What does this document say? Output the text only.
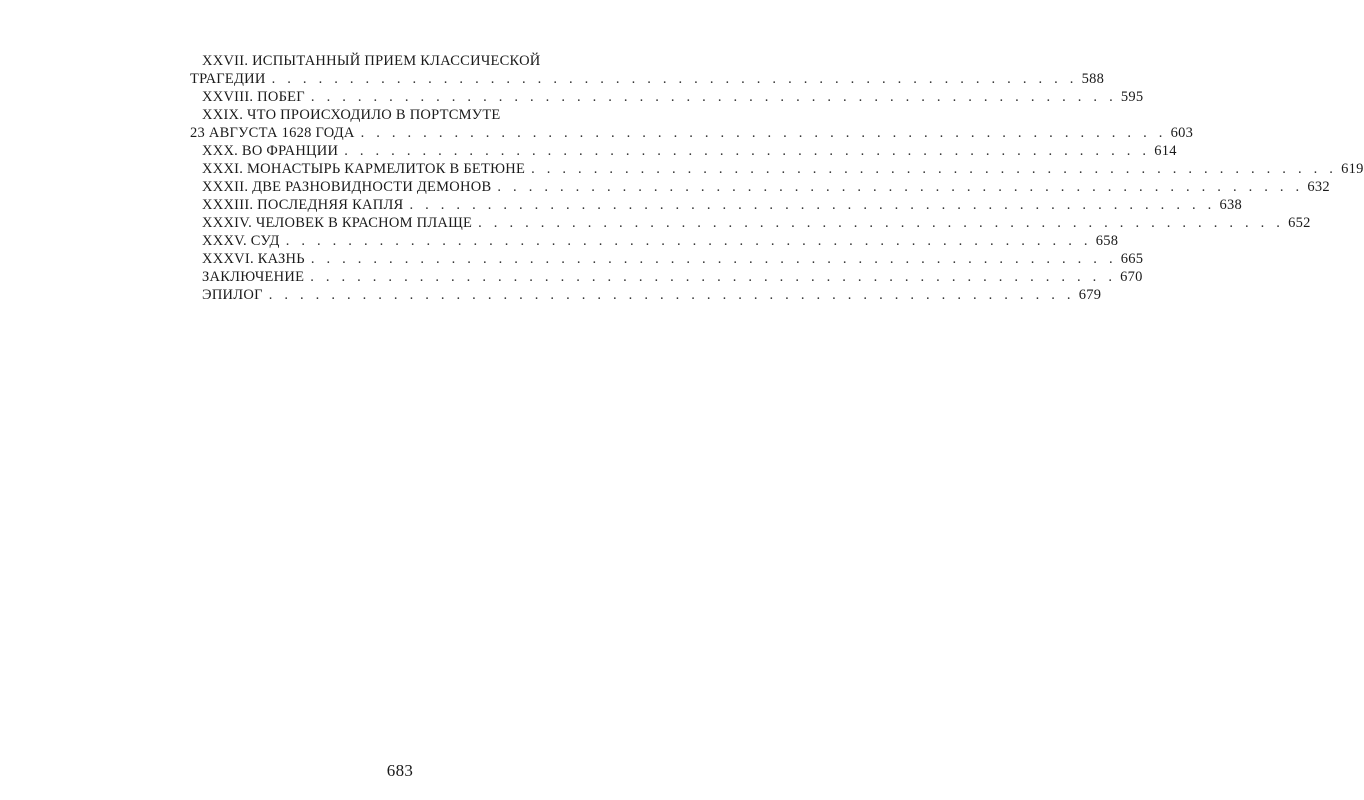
XXVII. ИСПЫТАННЫЙ ПРИЕМ КЛАССИЧЕСКОЙ
ТРАГЕДИИ . . . . . . . . . . . . . . . . . . . . . . . . . . . . . . . . . . . . . . . . . . . . . . . . . . . . 588
XXVIII. ПОБЕГ . . . . . . . . . . . . . . . . . . . . . . . . . . . . . . . . . . . . . . . . . . . . . . . . . . . . 595
XXIX. ЧТО ПРОИСХОДИЛО В ПОРТСМУТЕ
23 АВГУСТА 1628 ГОДА . . . . . . . . . . . . . . . . . . . . . . . . . . . . . . . . . . . . . . . . . . . . . . . . . . . . 603
XXX. ВО ФРАНЦИИ . . . . . . . . . . . . . . . . . . . . . . . . . . . . . . . . . . . . . . . . . . . . . . . . . . . . 614
XXXI. МОНАСТЫРЬ КАРМЕЛИТОК В БЕТЮНЕ . . . . . . . . . . . . . . . . . . . . . . . . . . . . . . . . . . . . . . . . . . . . . . . . . . . . 619
XXXII. ДВЕ РАЗНОВИДНОСТИ ДЕМОНОВ . . . . . . . . . . . . . . . . . . . . . . . . . . . . . . . . . . . . . . . . . . . . . . . . . . . . 632
XXXIII. ПОСЛЕДНЯЯ КАПЛЯ . . . . . . . . . . . . . . . . . . . . . . . . . . . . . . . . . . . . . . . . . . . . . . . . . . . . 638
XXXIV. ЧЕЛОВЕК В КРАСНОМ ПЛАЩЕ . . . . . . . . . . . . . . . . . . . . . . . . . . . . . . . . . . . . . . . . . . . . . . . . . . . . 652
XXXV. СУД . . . . . . . . . . . . . . . . . . . . . . . . . . . . . . . . . . . . . . . . . . . . . . . . . . . . 658
XXXVI. КАЗНЬ . . . . . . . . . . . . . . . . . . . . . . . . . . . . . . . . . . . . . . . . . . . . . . . . . . . . 665
ЗАКЛЮЧЕНИЕ . . . . . . . . . . . . . . . . . . . . . . . . . . . . . . . . . . . . . . . . . . . . . . . . . . . . 670
ЭПИЛОГ . . . . . . . . . . . . . . . . . . . . . . . . . . . . . . . . . . . . . . . . . . . . . . . . . . . . 679
683
